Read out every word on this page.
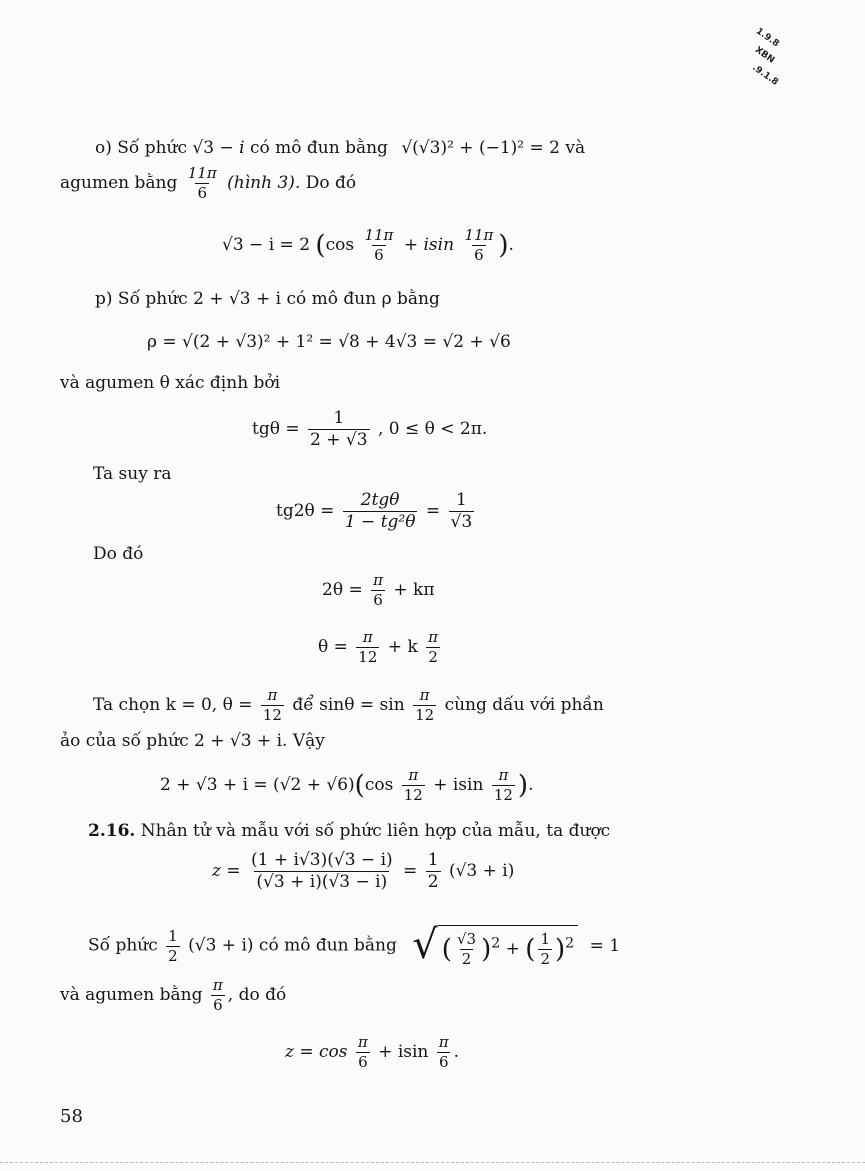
1.9.8
XBN
.9.1.8
o) Số phức √3 − i có mô đun bằng √(√3)² + (−1)² = 2 và
agumen bằng $\frac{11\pi}{6}$ (hình 3). Do đó
√3 − i = 2 ($\cos \frac{11\pi}{6} + isin \frac{11\pi}{6}$ ).
p) Số phức 2 + √3 + i có mô đun ρ bằng
ρ = √(2 + √3)² + 1² = √8 + 4√3 = √2 + √6
và agumen θ xác định bởi
$tg\theta = \frac{1}{2 + √3}$ , 0 ≤ θ < 2π.
Ta suy ra
$tg2\theta = \frac{\text{2tgθ}}{\text{1 − tg²θ}} = \frac{1}{√3}$
Do đó
$2\theta = \frac{\pi}{6} + k\pi$
$\theta = \frac{\pi}{12} + k \frac{\pi}{2}$
Ta chọn k = 0, $\theta = \frac{\pi}{12}$ để $\sin\theta = \sin \frac{\pi}{12}$ cùng dấu với phần
ảo của số phức 2 + √3 + i. Vậy
$2 + √3 + i = (√2 + √6)(\cos \frac{\pi}{12} + isin \frac{\pi}{12}$ ).
2.16. Nhân tử và mẫu với số phức liên hợp của mẫu, ta được
$z = \frac{(1 + i√3)(√3 - i)}{(√3 + i)(√3 - i)} = \frac{1}{2} (√3 + i)$
Số phức $\frac{1}{2} (√3 + i)$ có mô đun bằng √ ( $\frac{√3}{2} )^2$ + ( $\frac{1}{2} )^2 = 1$
và agumen bằng $\frac{\pi}{6}$ , do đó
$z = \cos \frac{\pi}{6} + isin \frac{\pi}{6}$ .
58
